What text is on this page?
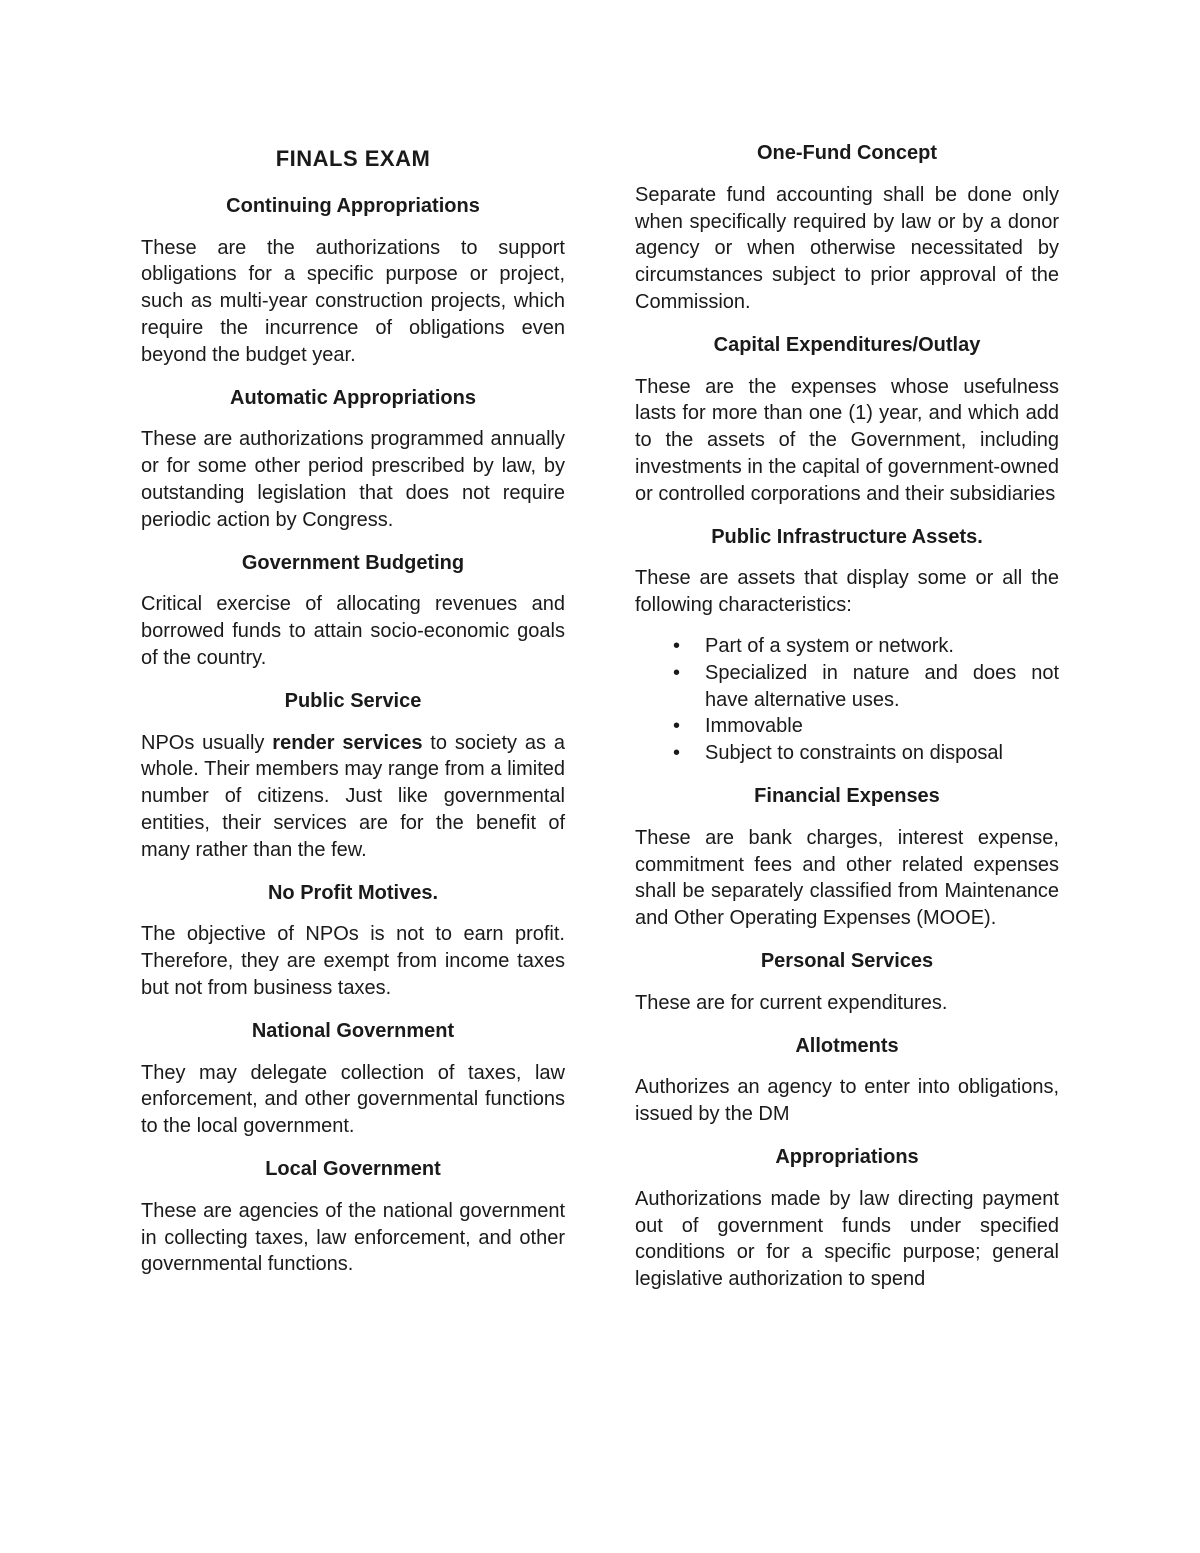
FINALS EXAM
Continuing Appropriations

These are the authorizations to support obligations for a specific purpose or project, such as multi-year construction projects, which require the incurrence of obligations even beyond the budget year.

Automatic Appropriations

These are authorizations programmed annually or for some other period prescribed by law, by outstanding legislation that does not require periodic action by Congress.

Government Budgeting

Critical exercise of allocating revenues and borrowed funds to attain socio-economic goals of the country.

Public Service

NPOs usually render services to society as a whole. Their members may range from a limited number of citizens. Just like governmental entities, their services are for the benefit of many rather than the few.

No Profit Motives.

The objective of NPOs is not to earn profit. Therefore, they are exempt from income taxes but not from business taxes.

National Government

They may delegate collection of taxes, law enforcement, and other governmental functions to the local government.

Local Government

These are agencies of the national government in collecting taxes, law enforcement, and other governmental functions.

One-Fund Concept

Separate fund accounting shall be done only when specifically required by law or by a donor agency or when otherwise necessitated by circumstances subject to prior approval of the Commission.

Capital Expenditures/Outlay

These are the expenses whose usefulness lasts for more than one (1) year, and which add to the assets of the Government, including investments in the capital of government-owned or controlled corporations and their subsidiaries

Public Infrastructure Assets.

These are assets that display some or all the following characteristics:

• Part of a system or network.
• Specialized in nature and does not have alternative uses.
• Immovable
• Subject to constraints on disposal
Financial Expenses

These are bank charges, interest expense, commitment fees and other related expenses shall be separately classified from Maintenance and Other Operating Expenses (MOOE).

Personal Services

These are for current expenditures.

Allotments

Authorizes an agency to enter into obligations, issued by the DM

Appropriations

Authorizations made by law directing payment out of government funds under specified conditions or for a specific purpose; general legislative authorization to spend
